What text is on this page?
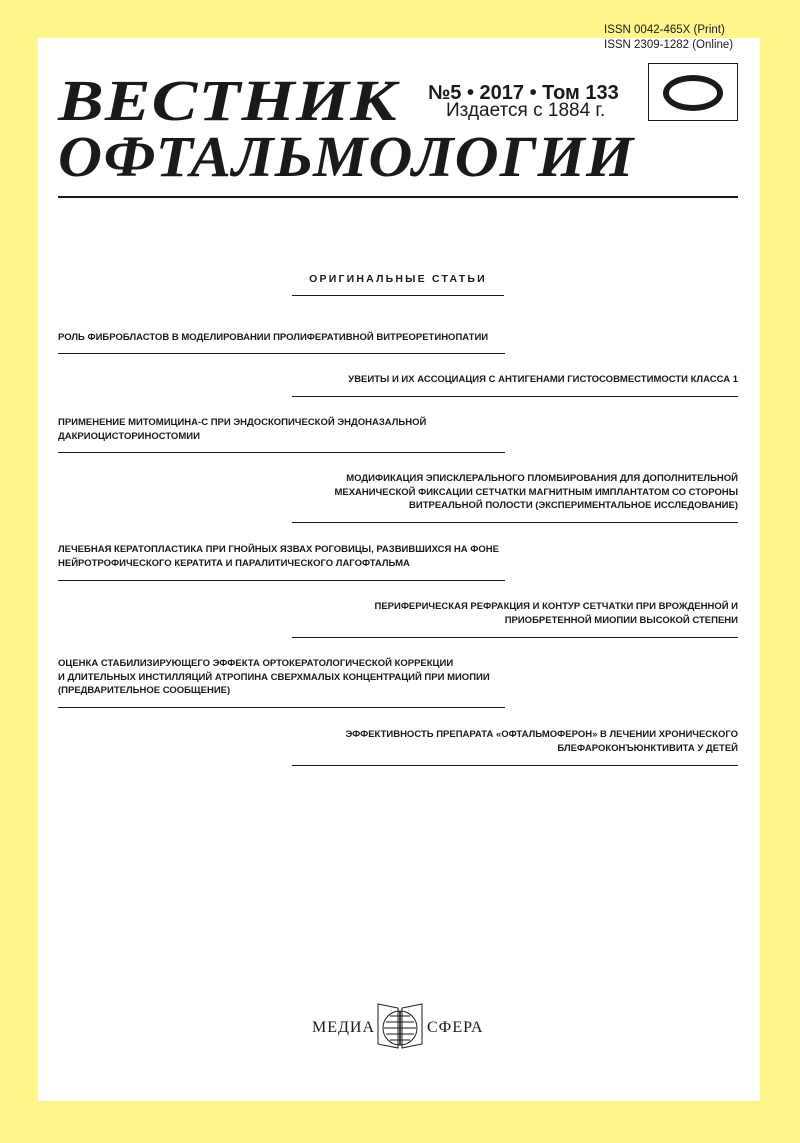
ISSN 0042-465X (Print)
ISSN 2309-1282 (Online)
ВЕСТНИК
ОФТАЛЬМОЛОГИИ
№5 • 2017 • Том 133
Издается с 1884 г.
ОРИГИНАЛЬНЫЕ СТАТЬИ
РОЛЬ ФИБРОБЛАСТОВ В МОДЕЛИРОВАНИИ ПРОЛИФЕРАТИВНОЙ ВИТРЕОРЕТИНОПАТИИ
УВЕИТЫ И ИХ АССОЦИАЦИЯ С АНТИГЕНАМИ ГИСТОСОВМЕСТИМОСТИ КЛАССА 1
ПРИМЕНЕНИЕ МИТОМИЦИНА-С ПРИ ЭНДОСКОПИЧЕСКОЙ ЭНДОНАЗАЛЬНОЙ
ДАКРИОЦИСТОРИНОСТОМИИ
МОДИФИКАЦИЯ ЭПИСКЛЕРАЛЬНОГО ПЛОМБИРОВАНИЯ ДЛЯ ДОПОЛНИТЕЛЬНОЙ
МЕХАНИЧЕСКОЙ ФИКСАЦИИ СЕТЧАТКИ МАГНИТНЫМ ИМПЛАНТАТОМ СО СТОРОНЫ
ВИТРЕАЛЬНОЙ ПОЛОСТИ (ЭКСПЕРИМЕНТАЛЬНОЕ ИССЛЕДОВАНИЕ)
ЛЕЧЕБНАЯ КЕРАТОПЛАСТИКА ПРИ ГНОЙНЫХ ЯЗВАХ РОГОВИЦЫ, РАЗВИВШИХСЯ НА ФОНЕ
НЕЙРОТРОФИЧЕСКОГО КЕРАТИТА И ПАРАЛИТИЧЕСКОГО ЛАГОФТАЛЬМА
ПЕРИФЕРИЧЕСКАЯ РЕФРАКЦИЯ И КОНТУР СЕТЧАТКИ ПРИ ВРОЖДЕННОЙ И
ПРИОБРЕТЕННОЙ МИОПИИ ВЫСОКОЙ СТЕПЕНИ
ОЦЕНКА СТАБИЛИЗИРУЮЩЕГО ЭФФЕКТА ОРТОКЕРАТОЛОГИЧЕСКОЙ КОРРЕКЦИИ
И ДЛИТЕЛЬНЫХ ИНСТИЛЛЯЦИЙ АТРОПИНА СВЕРХМАЛЫХ КОНЦЕНТРАЦИЙ ПРИ МИОПИИ
(ПРЕДВАРИТЕЛЬНОЕ СООБЩЕНИЕ)
ЭФФЕКТИВНОСТЬ ПРЕПАРАТА «ОФТАЛЬМОФЕРОН» В ЛЕЧЕНИИ ХРОНИЧЕСКОГО
БЛЕФАРОКОНЪЮНКТИВИТА У ДЕТЕЙ
МЕДИА	СФЕРА
